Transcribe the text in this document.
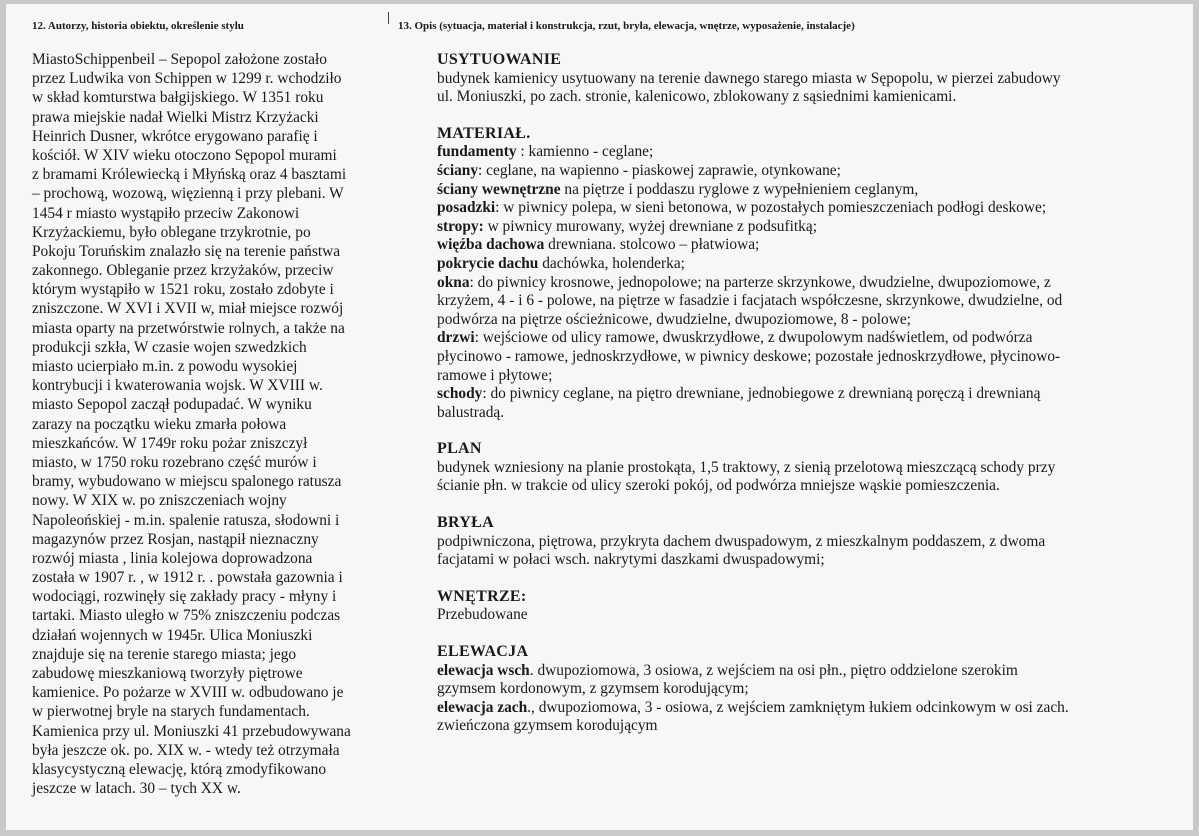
12. Autorzy, historia obiektu, określenie stylu	13. Opis (sytuacja, materiał i konstrukcja, rzut, bryła, elewacja, wnętrze, wyposażenie, instalacje)
MiastoSchippenbeil – Sepopol założone zostało
przez Ludwika von Schippen w 1299 r. wchodziło
w skład komturstwa bałgijskiego. W 1351 roku
prawa miejskie nadał Wielki Mistrz Krzyżacki
Heinrich Dusner, wkrótce erygowano parafię i
kościół. W XIV wieku otoczono Sępopol murami
z bramami Królewiecką i Młyńską oraz 4 basztami
– prochową, wozową, więzienną i przy plebani. W
1454 r miasto wystąpiło przeciw Zakonowi
Krzyżackiemu, było oblegane trzykrotnie, po
Pokoju Toruńskim znalazło się na terenie państwa
zakonnego. Obleganie przez krzyżaków, przeciw
którym wystąpiło w 1521 roku, zostało zdobyte i
zniszczone. W XVI i XVII w, miał miejsce rozwój
miasta oparty na przetwórstwie rolnych, a także na
produkcji szkła, W czasie wojen szwedzkich
miasto ucierpiało m.in. z powodu wysokiej
kontrybucji i kwaterowania wojsk. W XVIII w.
miasto Sepopol zaczął podupadać. W wyniku
zarazy na początku wieku zmarła połowa
mieszkańców. W 1749r roku pożar zniszczył
miasto, w 1750 roku rozebrano część murów i
bramy, wybudowano w miejscu spalonego ratusza
nowy. W XIX w. po zniszczeniach wojny
Napoleońskiej - m.in. spalenie ratusza, słodowni i
magazynów przez Rosjan, nastąpił nieznaczny
rozwój miasta , linia kolejowa doprowadzona
została w 1907 r. , w 1912 r. . powstała gazownia i
wodociągi, rozwinęły się zakłady pracy - młyny i
tartaki. Miasto uległo w 75% zniszczeniu podczas
działań wojennych w 1945r. Ulica Moniuszki
znajduje się na terenie starego miasta; jego
zabudowę mieszkaniową tworzyły piętrowe
kamienice. Po pożarze w XVIII w. odbudowano je
w pierwotnej bryle na starych fundamentach.
Kamienica przy ul. Moniuszki 41 przebudowywana
była jeszcze ok. po. XIX w. - wtedy też otrzymała
klasycystyczną elewację, którą zmodyfikowano
jeszcze w latach. 30 – tych XX w.
USYTUOWANIE
budynek kamienicy usytuowany na terenie dawnego starego miasta w Sępopolu, w pierzei zabudowy
ul. Moniuszki, po zach. stronie, kalenicowo, zblokowany z sąsiednimi kamienicami.
MATERIAŁ.
fundamenty : kamienno - ceglane;
ściany: ceglane, na wapienno - piaskowej zaprawie, otynkowane;
ściany wewnętrzne na piętrze i poddaszu ryglowe z wypełnieniem ceglanym,
posadzki: w piwnicy polepa, w sieni betonowa, w pozostałych pomieszczeniach podłogi deskowe;
stropy: w piwnicy murowany, wyżej drewniane z podsufitką;
więźba dachowa drewniana. stolcowo – płatwiowa;
pokrycie dachu dachówka, holenderka;
okna: do piwnicy krosnowe, jednopolowe; na parterze skrzynkowe, dwudzielne, dwupoziomowe, z
krzyżem, 4 - i 6 - polowe, na piętrze w fasadzie i facjatach współczesne, skrzynkowe, dwudzielne, od
podwórza na piętrze ościeżnicowe, dwudzielne, dwupoziomowe, 8 - polowe;
drzwi: wejściowe od ulicy ramowe, dwuskrzydłowe, z dwupolowym nadświetlem, od podwórza
płycinowo - ramowe, jednoskrzydłowe, w piwnicy deskowe; pozostałe jednoskrzydłowe, płycinowo-
ramowe i płytowe;
schody: do piwnicy ceglane, na piętro drewniane, jednobiegowe z drewnianą poręczą i drewnianą
balustradą.
PLAN
budynek wzniesiony na planie prostokąta, 1,5 traktowy, z sienią przelotową mieszczącą schody przy
ścianie płn. w trakcie od ulicy szeroki pokój, od podwórza mniejsze wąskie pomieszczenia.
BRYŁA
podpiwniczona, piętrowa, przykryta dachem dwuspadowym, z mieszkalnym poddaszem, z dwoma
facjatami w połaci wsch. nakrytymi daszkami dwuspadowymi;
WNĘTRZE:
Przebudowane
ELEWACJA
elewacja wsch. dwupoziomowa, 3 osiowa, z wejściem na osi płn., piętro oddzielone szerokim
gzymsem kordonowym, z gzymsem korodującym;
elewacja zach., dwupoziomowa, 3 - osiowa, z wejściem zamkniętym łukiem odcinkowym w osi zach.
zwieńczona gzymsem korodującym
